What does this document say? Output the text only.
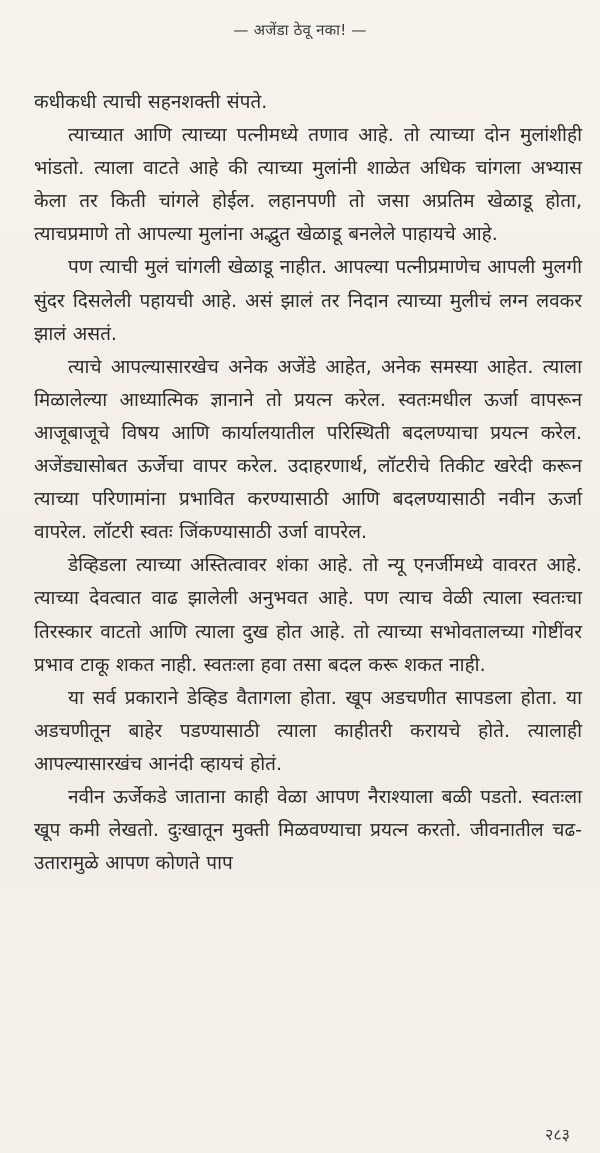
— अजेंडा ठेवू नका! —

कधीकधी त्याची सहनशक्ती संपते.

त्याच्यात आणि त्याच्या पत्नीमध्ये तणाव आहे. तो त्याच्या दोन मुलांशीही भांडतो. त्याला वाटते आहे की त्याच्या मुलांनी शाळेत अधिक चांगला अभ्यास केला तर किती चांगले होईल. लहानपणी तो जसा अप्रतिम खेळाडू होता, त्याचप्रमाणे तो आपल्या मुलांना अद्भुत खेळाडू बनलेले पाहायचे आहे.

पण त्याची मुलं चांगली खेळाडू नाहीत. आपल्या पत्नीप्रमाणेच आपली मुलगी सुंदर दिसलेली पहायची आहे. असं झालं तर निदान त्याच्या मुलीचं लग्न लवकर झालं असतं.

त्याचे आपल्यासारखेच अनेक अजेंडे आहेत, अनेक समस्या आहेत. त्याला मिळालेल्या आध्यात्मिक ज्ञानाने तो प्रयत्न करेल. स्वतःमधील ऊर्जा वापरून आजूबाजूचे विषय आणि कार्यालयातील परिस्थिती बदलण्याचा प्रयत्न करेल. अजेंड्यासोबत ऊर्जेचा वापर करेल. उदाहरणार्थ, लॉटरीचे तिकीट खरेदी करून त्याच्या परिणामांना प्रभावित करण्यासाठी आणि बदलण्यासाठी नवीन ऊर्जा वापरेल. लॉटरी स्वतः जिंकण्यासाठी उर्जा वापरेल.

डेव्हिडला त्याच्या अस्तित्वावर शंका आहे. तो न्यू एनर्जीमध्ये वावरत आहे. त्याच्या देवत्वात वाढ झालेली अनुभवत आहे. पण त्याच वेळी त्याला स्वतःचा तिरस्कार वाटतो आणि त्याला दुख होत आहे. तो त्याच्या सभोवतालच्या गोष्टींवर प्रभाव टाकू शकत नाही. स्वतःला हवा तसा बदल करू शकत नाही.

या सर्व प्रकाराने डेव्हिड वैतागला होता. खूप अडचणीत सापडला होता. या अडचणीतून बाहेर पडण्यासाठी त्याला काहीतरी करायचे होते. त्यालाही आपल्यासारखंच आनंदी व्हायचं होतं.

नवीन ऊर्जेकडे जाताना काही वेळा आपण नैराश्याला बळी पडतो. स्वतःला खूप कमी लेखतो. दुःखातून मुक्ती मिळवण्याचा प्रयत्न करतो. जीवनातील चढ-उतारामुळे आपण कोणते पाप

२८३
